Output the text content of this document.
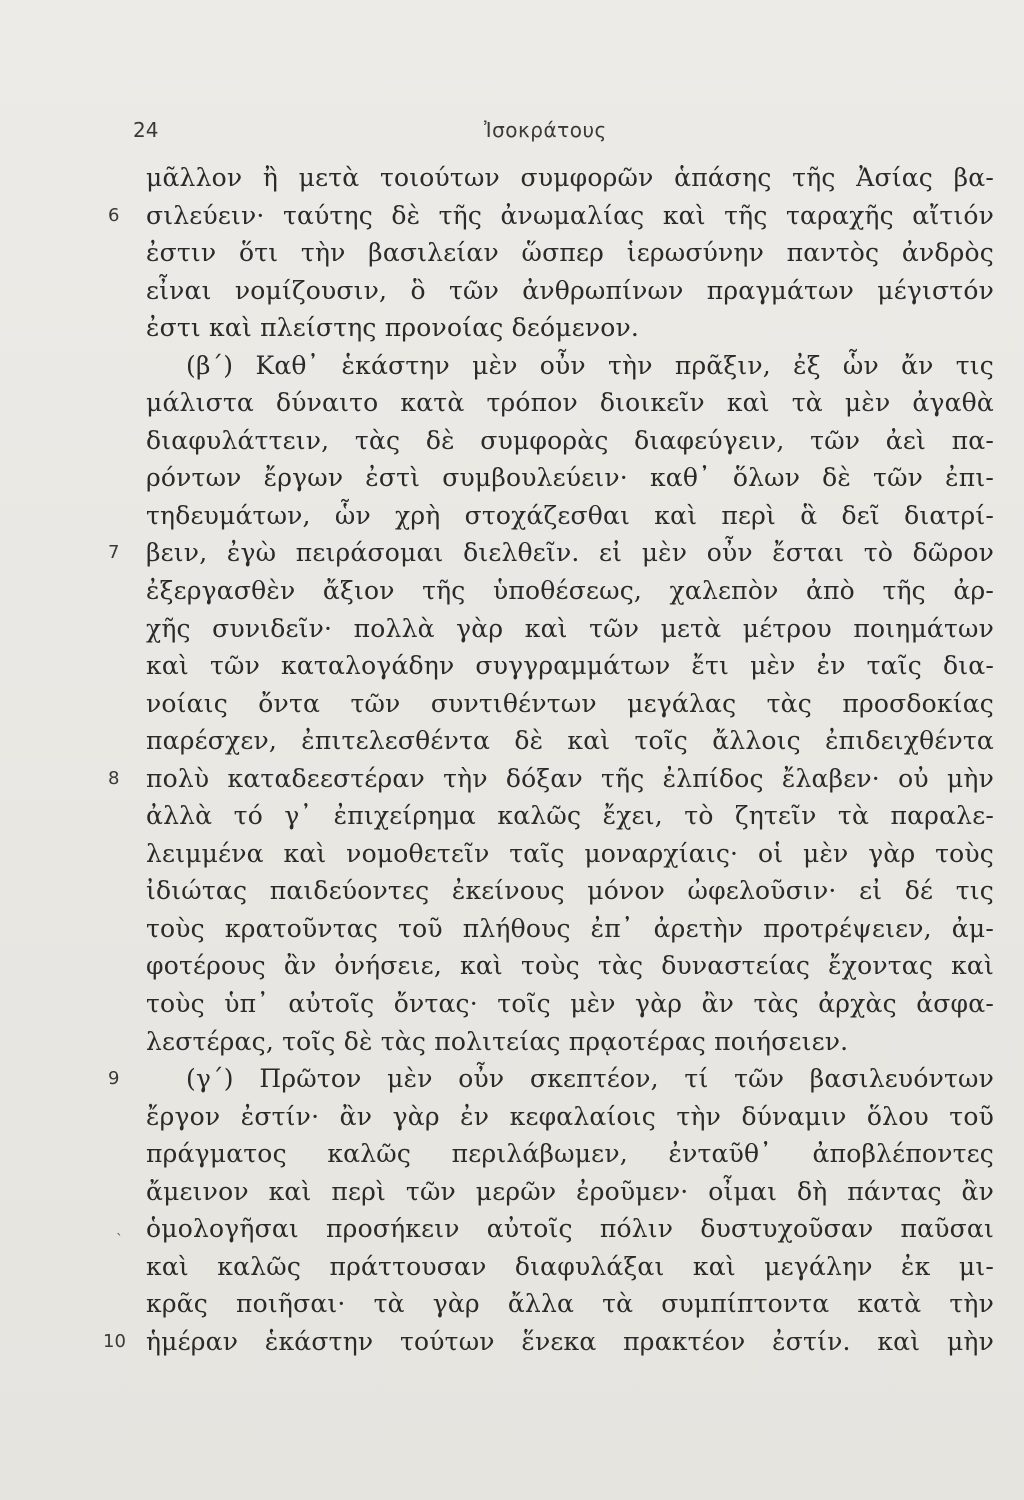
24	Ἰσοκράτους
μᾶλλον ἢ μετὰ τοιούτων συμφορῶν ἁπάσης τῆς Ἀσίας βα-
6	σιλεύειν· ταύτης δὲ τῆς ἀνωμαλίας καὶ τῆς ταραχῆς αἴτιόν
ἐστιν ὅτι τὴν βασιλείαν ὥσπερ ἱερωσύνην παντὸς ἀνδρὸς
εἶναι νομίζουσιν, ὃ τῶν ἀνθρωπίνων πραγμάτων μέγιστόν
ἐστι καὶ πλείστης προνοίας δεόμενον.
(β΄) Καθ᾽ ἑκάστην μὲν οὖν τὴν πρᾶξιν, ἐξ ὧν ἄν τις
μάλιστα δύναιτο κατὰ τρόπον διοικεῖν καὶ τὰ μὲν ἀγαθὰ
διαφυλάττειν, τὰς δὲ συμφορὰς διαφεύγειν, τῶν ἀεὶ πα-
ρόντων ἔργων ἐστὶ συμβουλεύειν· καθ᾽ ὅλων δὲ τῶν ἐπι-
τηδευμάτων, ὧν χρὴ στοχάζεσθαι καὶ περὶ ἃ δεῖ διατρί-
7	βειν, ἐγὼ πειράσομαι διελθεῖν. εἰ μὲν οὖν ἔσται τὸ δῶρον
ἐξεργασθὲν ἄξιον τῆς ὑποθέσεως, χαλεπὸν ἀπὸ τῆς ἀρ-
χῆς συνιδεῖν· πολλὰ γὰρ καὶ τῶν μετὰ μέτρου ποιημάτων
καὶ τῶν καταλογάδην συγγραμμάτων ἔτι μὲν ἐν ταῖς δια-
νοίαις ὄντα τῶν συντιθέντων μεγάλας τὰς προσδοκίας
παρέσχεν, ἐπιτελεσθέντα δὲ καὶ τοῖς ἄλλοις ἐπιδειχθέντα
8	πολὺ καταδεεστέραν τὴν δόξαν τῆς ἐλπίδος ἔλαβεν· οὐ μὴν
ἀλλὰ τό γ᾽ ἐπιχείρημα καλῶς ἔχει, τὸ ζητεῖν τὰ παραλε-
λειμμένα καὶ νομοθετεῖν ταῖς μοναρχίαις· οἱ μὲν γὰρ τοὺς
ἰδιώτας παιδεύοντες ἐκείνους μόνον ὠφελοῦσιν· εἰ δέ τις
τοὺς κρατοῦντας τοῦ πλήθους ἐπ᾽ ἀρετὴν προτρέψειεν, ἀμ-
φοτέρους ἂν ὀνήσειε, καὶ τοὺς τὰς δυναστείας ἔχοντας καὶ
τοὺς ὑπ᾽ αὐτοῖς ὄντας· τοῖς μὲν γὰρ ἂν τὰς ἀρχὰς ἀσφα-
λεστέρας, τοῖς δὲ τὰς πολιτείας πρᾳοτέρας ποιήσειεν.
9	(γ΄) Πρῶτον μὲν οὖν σκεπτέον, τί τῶν βασιλευόντων
ἔργον ἐστίν· ἂν γὰρ ἐν κεφαλαίοις τὴν δύναμιν ὅλου τοῦ
πράγματος καλῶς περιλάβωμεν, ἐνταῦθ᾽ ἀποβλέποντες
ἄμεινον καὶ περὶ τῶν μερῶν ἐροῦμεν· οἶμαι δὴ πάντας ἂν
ˎ ὁμολογῆσαι προσήκειν αὐτοῖς πόλιν δυστυχοῦσαν παῦσαι
καὶ καλῶς πράττουσαν διαφυλάξαι καὶ μεγάλην ἐκ μι-
κρᾶς ποιῆσαι· τὰ γὰρ ἄλλα τὰ συμπίπτοντα κατὰ τὴν
10 ἡμέραν ἑκάστην τούτων ἕνεκα πρακτέον ἐστίν. καὶ μὴν
